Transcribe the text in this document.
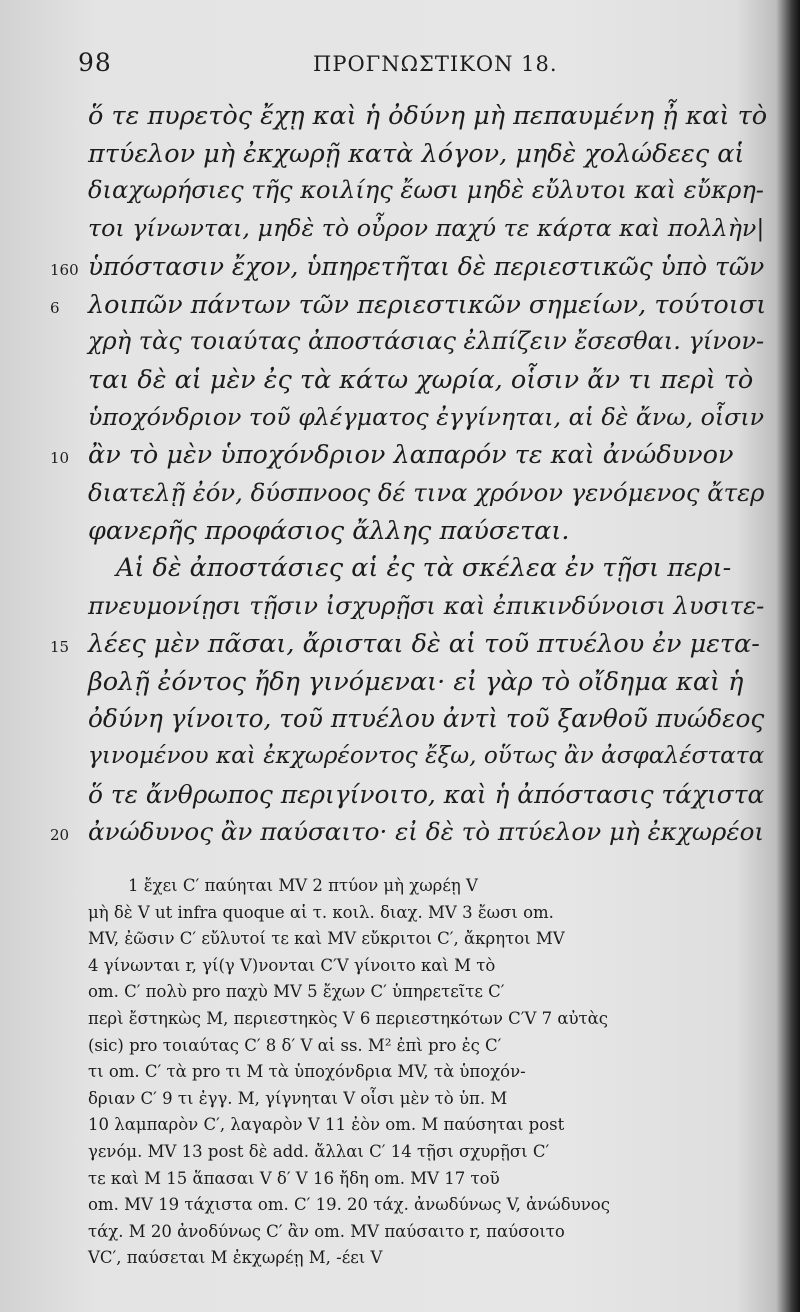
98	ΠΡΟΓΝΩΣΤΙΚΟΝ 18.
ὅ τε πυρετὸς ἔχῃ καὶ ἡ ὀδύνη μὴ πεπαυμένη ᾖ καὶ τὸ
πτύελον μὴ ἐκχωρῇ κατὰ λόγον, μηδὲ χολώδεες αἱ
διαχωρήσιες τῆς κοιλίης ἔωσι μηδὲ εὔλυτοι καὶ εὔκρη-
τοι γίνωνται, μηδὲ τὸ οὖρον παχύ τε κάρτα καὶ πολλὴν|
160 ὑπόστασιν ἔχον, ὑπηρετῆται δὲ περιεστικῶς ὑπὸ τῶν
6 λοιπῶν πάντων τῶν περιεστικῶν σημείων, τούτοισι
χρὴ τὰς τοιαύτας ἀποστάσιας ἐλπίζειν ἔσεσθαι. γίνον-
ται δὲ αἱ μὲν ἐς τὰ κάτω χωρία, οἷσιν ἄν τι περὶ τὸ
ὑποχόνδριον τοῦ φλέγματος ἐγγίνηται, αἱ δὲ ἄνω, οἷσιν
10 ἂν τὸ μὲν ὑποχόνδριον λαπαρόν τε καὶ ἀνώδυνον
διατελῇ ἐόν, δύσπνοος δέ τινα χρόνον γενόμενος ἄτερ
φανερῆς προφάσιος ἄλλης παύσεται.
Αἱ δὲ ἀποστάσιες αἱ ἐς τὰ σκέλεα ἐν τῇσι περι-
πνευμονίῃσι τῇσιν ἰσχυρῇσι καὶ ἐπικινδύνοισι λυσιτε-
15 λέες μὲν πᾶσαι, ἄρισται δὲ αἱ τοῦ πτυέλου ἐν μετα-
βολῇ ἐόντος ἤδη γινόμεναι· εἰ γὰρ τὸ οἴδημα καὶ ἡ
ὀδύνη γίνοιτο, τοῦ πτυέλου ἀντὶ τοῦ ξανθοῦ πυώδεος
γινομένου καὶ ἐκχωρέοντος ἔξω, οὕτως ἂν ἀσφαλέστατα
ὅ τε ἄνθρωπος περιγίνοιτο, καὶ ἡ ἀπόστασις τάχιστα
20 ἀνώδυνος ἂν παύσαιτο· εἰ δὲ τὸ πτύελον μὴ ἐκχωρέοι
1 ἔχει C′ παύηται MV 2 πτύον μὴ χωρέῃ V
μὴ δὲ V ut infra quoque αἱ τ. κοιλ. διαχ. MV 3 ἔωσι om.
MV, ἐῶσιν C′ εὔλυτοί τε καὶ MV εὔκριτοι C′, ἄκρητοι MV
4 γίνωνται r, γί(γ V)νονται C′V γίνοιτο καὶ M τὸ
om. C′ πολὺ pro παχὺ MV 5 ἔχων C′ ὑπηρετεῖτε C′
περὶ ἔστηκὼς M, περιεστηκὸς V 6 περιεστηκότων C′V 7 αὐτὰς
(sic) pro τοιαύτας C′ 8 δ′ V αἱ ss. M² ἐπὶ pro ἐς C′
τι om. C′ τὰ pro τι M τὰ ὑποχόνδρια MV, τὰ ὑποχόν-
δριαν C′ 9 τι ἐγγ. M, γίγνηται V οἷσι μὲν τὸ ὑπ. M
10 λαμπαρὸν C′, λαγαρὸν V 11 ἐὸν om. M παύσηται post
γενόμ. MV 13 post δὲ add. ἄλλαι C′ 14 τῇσι σχυρῇσι C′
τε καὶ M 15 ἅπασαι V δ′ V 16 ἤδη om. MV 17 τοῦ
om. MV 19 τάχιστα om. C′ 19. 20 τάχ. ἀνωδύνως V, ἀνώδυνος
τάχ. M 20 ἀνοδύνως C′ ἂν om. MV παύσαιτο r, παύσοιτο
VC′, παύσεται M ἐκχωρέῃ M, -έει V
